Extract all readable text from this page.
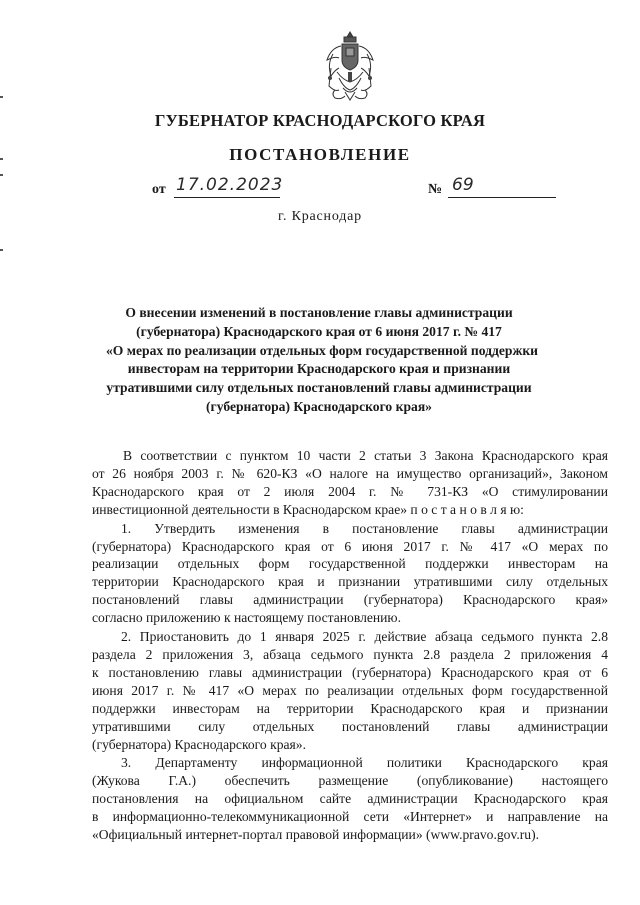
ГУБЕРНАТОР КРАСНОДАРСКОГО КРАЯ
ПОСТАНОВЛЕНИЕ
от 17.02.2023	№ 69
г. Краснодар
О внесении изменений в постановление главы администрации
(губернатора) Краснодарского края от 6 июня 2017 г. № 417
«О мерах по реализации отдельных форм государственной поддержки
инвесторам на территории Краснодарского края и признании
утратившими силу отдельных постановлений главы администрации
(губернатора) Краснодарского края»

В соответствии с пунктом 10 части 2 статьи 3 Закона Краснодарского края

от 26 ноября 2003 г. № 620-КЗ «О налоге на имущество организаций», Законом

Краснодарского края от 2 июля 2004 г. № 731-КЗ «О стимулировании

инвестиционной деятельности в Краснодарском крае» п о с т а н о в л я ю:

1. Утвердить изменения в постановление главы администрации

(губернатора) Краснодарского края от 6 июня 2017 г. № 417 «О мерах по

реализации отдельных форм государственной поддержки инвесторам на

территории Краснодарского края и признании утратившими силу отдельных

постановлений главы администрации (губернатора) Краснодарского края»

согласно приложению к настоящему постановлению.

2. Приостановить до 1 января 2025 г. действие абзаца седьмого пункта 2.8

раздела 2 приложения 3, абзаца седьмого пункта 2.8 раздела 2 приложения 4

к постановлению главы администрации (губернатора) Краснодарского края от 6

июня 2017 г. № 417 «О мерах по реализации отдельных форм государственной

поддержки инвесторам на территории Краснодарского края и признании

утратившими силу отдельных постановлений главы администрации

(губернатора) Краснодарского края».

3. Департаменту информационной политики Краснодарского края

(Жукова Г.А.) обеспечить размещение (опубликование) настоящего

постановления на официальном сайте администрации Краснодарского края

в информационно-телекоммуникационной сети «Интернет» и направление на

«Официальный интернет-портал правовой информации» (www.pravo.gov.ru).
